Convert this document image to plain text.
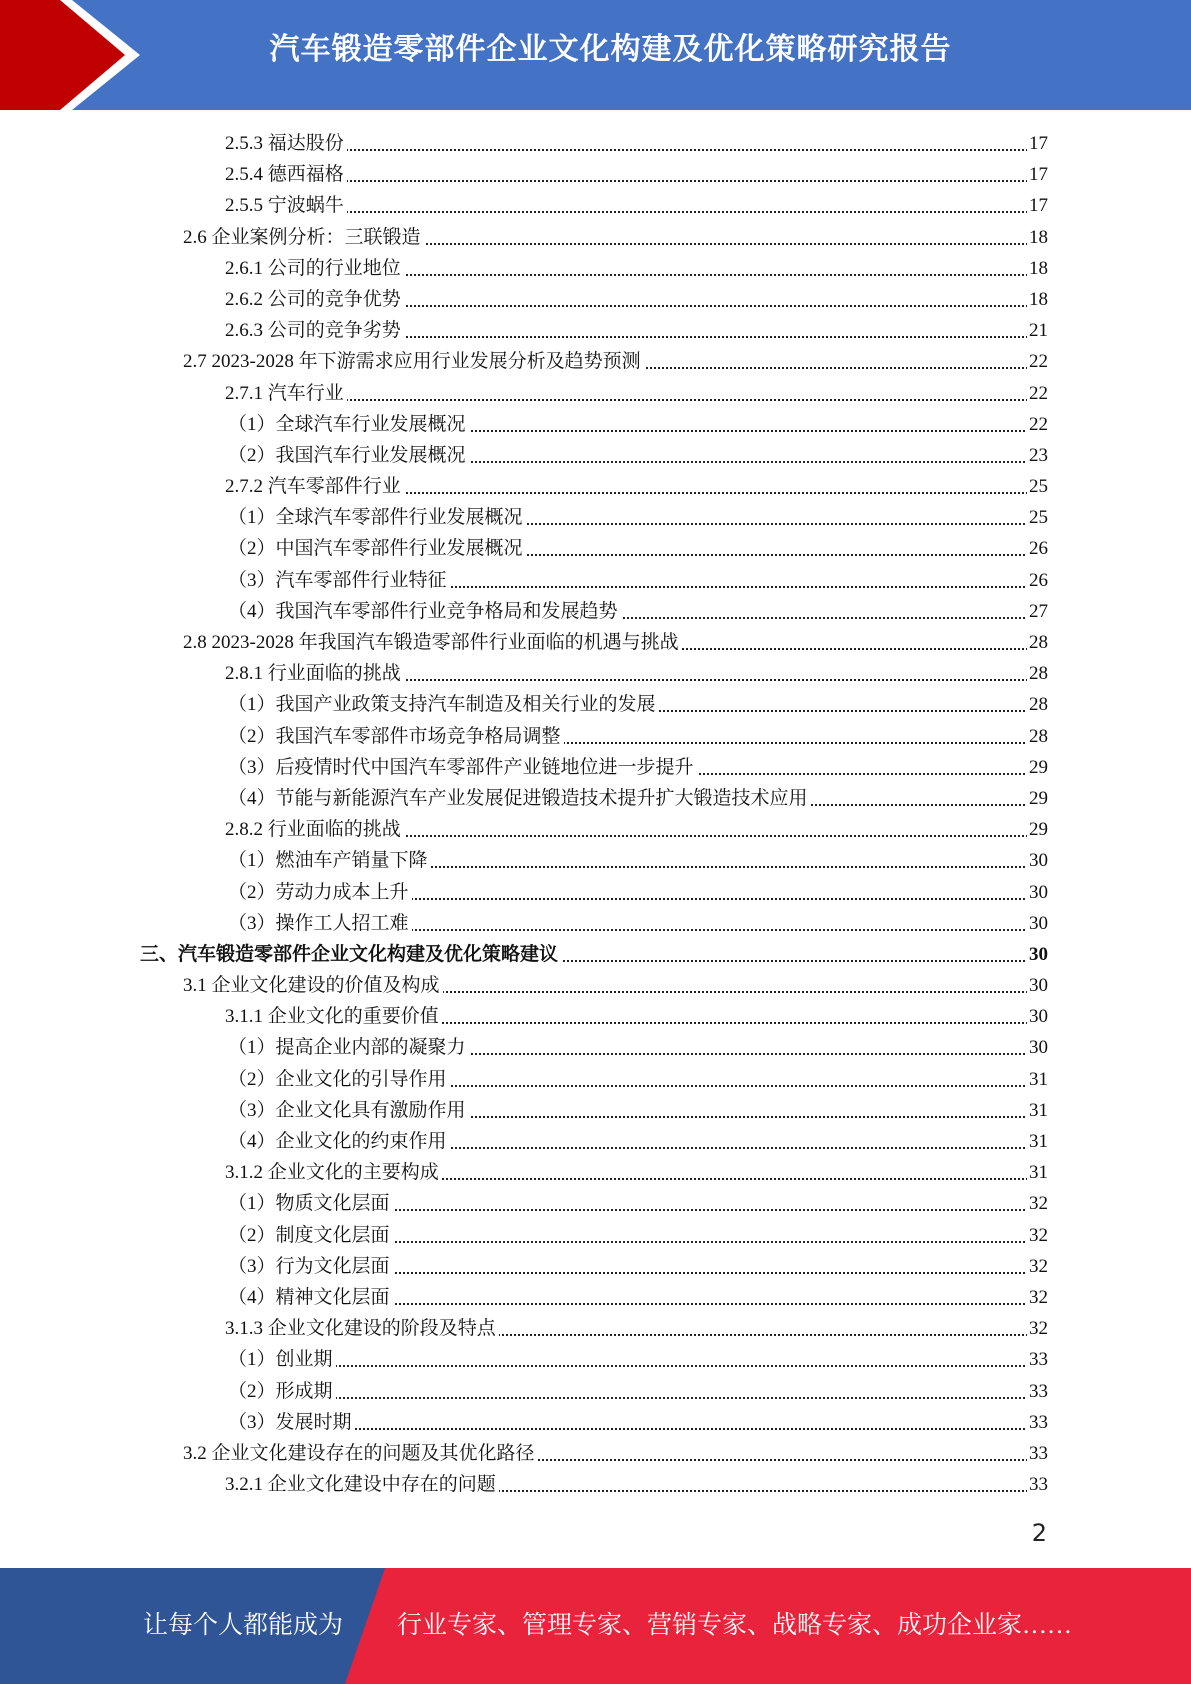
汽车锻造零部件企业文化构建及优化策略研究报告
2.5.3 福达股份	17
2.5.4 德西福格	17
2.5.5 宁波蜗牛	17
2.6 企业案例分析：三联锻造	18
2.6.1 公司的行业地位	18
2.6.2 公司的竞争优势	18
2.6.3 公司的竞争劣势	21
2.7 2023-2028 年下游需求应用行业发展分析及趋势预测	22
2.7.1 汽车行业	22
（1）全球汽车行业发展概况	22
（2）我国汽车行业发展概况	23
2.7.2 汽车零部件行业	25
（1）全球汽车零部件行业发展概况	25
（2）中国汽车零部件行业发展概况	26
（3）汽车零部件行业特征	26
（4）我国汽车零部件行业竞争格局和发展趋势	27
2.8 2023-2028 年我国汽车锻造零部件行业面临的机遇与挑战	28
2.8.1 行业面临的挑战	28
（1）我国产业政策支持汽车制造及相关行业的发展	28
（2）我国汽车零部件市场竞争格局调整	28
（3）后疫情时代中国汽车零部件产业链地位进一步提升	29
（4）节能与新能源汽车产业发展促进锻造技术提升扩大锻造技术应用	29
2.8.2 行业面临的挑战	29
（1）燃油车产销量下降	30
（2）劳动力成本上升	30
（3）操作工人招工难	30
三、汽车锻造零部件企业文化构建及优化策略建议	30
3.1 企业文化建设的价值及构成	30
3.1.1 企业文化的重要价值	30
（1）提高企业内部的凝聚力	30
（2）企业文化的引导作用	31
（3）企业文化具有激励作用	31
（4）企业文化的约束作用	31
3.1.2 企业文化的主要构成	31
（1）物质文化层面	32
（2）制度文化层面	32
（3）行为文化层面	32
（4）精神文化层面	32
3.1.3 企业文化建设的阶段及特点	32
（1）创业期	33
（2）形成期	33
（3）发展时期	33
3.2 企业文化建设存在的问题及其优化路径	33
3.2.1 企业文化建设中存在的问题	33
2
让每个人都能成为 行业专家、管理专家、营销专家、战略专家、成功企业家……
